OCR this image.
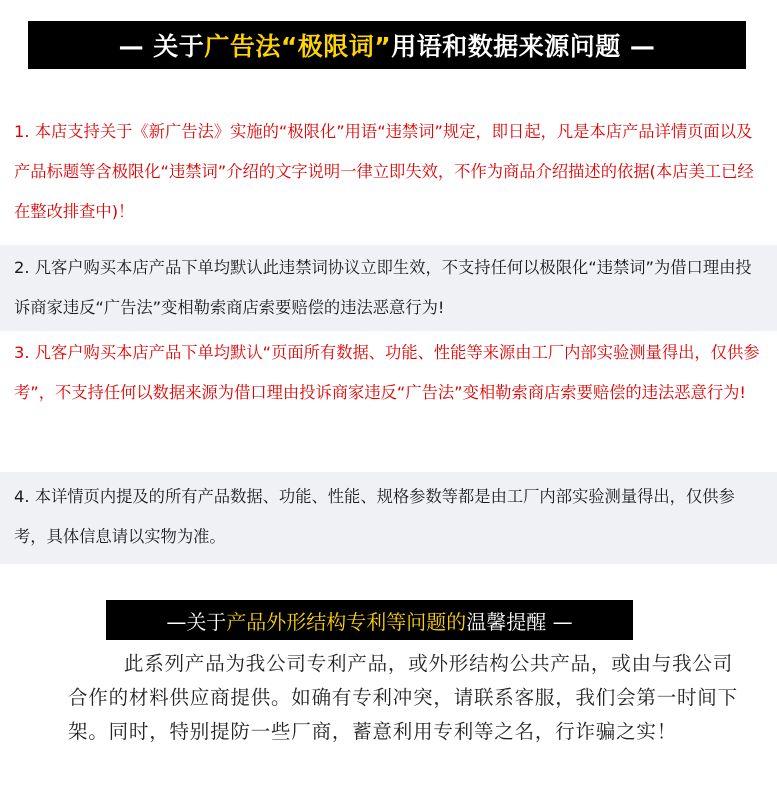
— 关于 广告法“极限词” 用语和数据来源问题 —

1. 本店支持关于《新广告法》实施的“极限化”用语“违禁词”规定，即日起，凡是本店产品详情页面以及产品标题等含极限化“违禁词”介绍的文字说明一律立即失效，不作为商品介绍描述的依据(本店美工已经在整改排查中)！

2. 凡客户购买本店产品下单均默认此违禁词协议立即生效，不支持任何以极限化“违禁词”为借口理由投诉商家违反“广告法”变相勒索商店索要赔偿的违法恶意行为!

3. 凡客户购买本店产品下单均默认“页面所有数据、功能、性能等来源由工厂内部实验测量得出，仅供参考”，不支持任何以数据来源为借口理由投诉商家违反“广告法”变相勒索商店索要赔偿的违法恶意行为!

4. 本详情页内提及的所有产品数据、功能、性能、规格参数等都是由工厂内部实验测量得出，仅供参考，具体信息请以实物为准。

—关于 产品外形结构专利等问题的 温馨提醒 —
此系列产品为我公司专利产品，或外形结构公共产品，或由与我公司合作的材料供应商提供。如确有专利冲突，请联系客服，我们会第一时间下架。同时，特别提防一些厂商，蓄意利用专利等之名，行诈骗之实！
